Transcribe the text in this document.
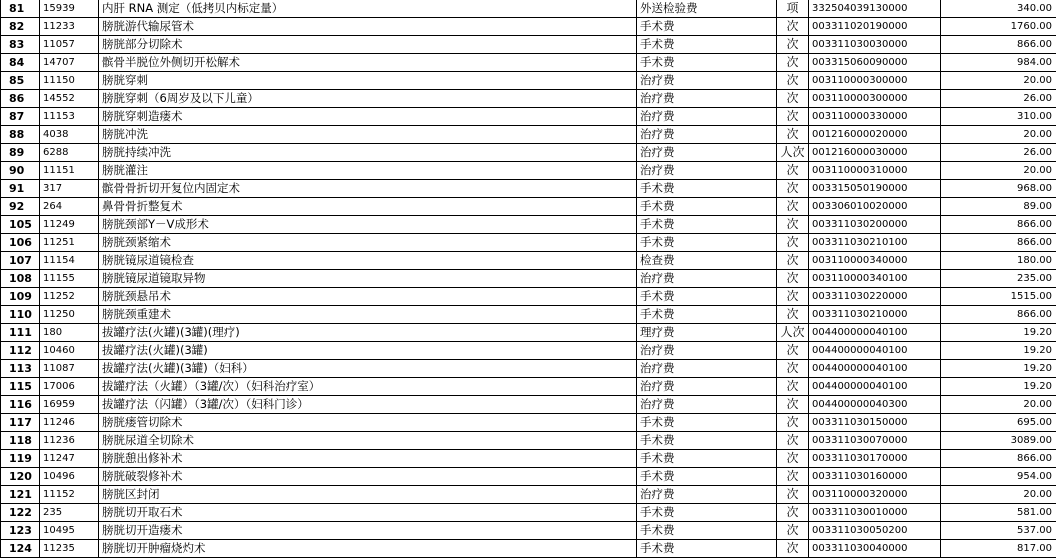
81	15939	内肝 RNA 测定（低拷贝内标定量）	外送检验费	项	332504039130000	340.00
82	11233	膀胱游代输尿管术	手术费	次	003311020190000	1760.00
83	11057	膀胱部分切除术	手术费	次	003311030030000	866.00
84	14707	髌骨半脱位外侧切开松解术	手术费	次	003315060090000	984.00
85	11150	膀胱穿刺	治疗费	次	003110000300000	20.00
86	14552	膀胱穿刺（6周岁及以下儿童）	治疗费	次	003110000300000	26.00
87	11153	膀胱穿刺造瘘术	治疗费	次	003110000330000	310.00
88	4038	膀胱冲洗	治疗费	次	001216000020000	20.00
89	6288	膀胱持续冲洗	治疗费	人次	001216000030000	26.00
90	11151	膀胱灌注	治疗费	次	003110000310000	20.00
91	317	髌骨骨折切开复位内固定术	手术费	次	003315050190000	968.00
92	264	鼻骨骨折整复术	手术费	次	003306010020000	89.00
105	11249	膀胱颈部Y－V成形术	手术费	次	003311030200000	866.00
106	11251	膀胱颈紧缩术	手术费	次	003311030210100	866.00
107	11154	膀胱镜尿道镜检查	检查费	次	003110000340000	180.00
108	11155	膀胱镜尿道镜取异物	治疗费	次	003110000340100	235.00
109	11252	膀胱颈悬吊术	手术费	次	003311030220000	1515.00
110	11250	膀胱颈重建术	手术费	次	003311030210000	866.00
111	180	拔罐疗法(火罐)(3罐)(理疗)	理疗费	人次	004400000040100	19.20
112	10460	拔罐疗法(火罐)(3罐)	治疗费	次	004400000040100	19.20
113	11087	拔罐疗法(火罐)(3罐)（妇科）	治疗费	次	004400000040100	19.20
115	17006	拔罐疗法（火罐）（3罐/次）（妇科治疗室）	治疗费	次	004400000040100	19.20
116	16959	拔罐疗法（闪罐）（3罐/次）（妇科门诊）	治疗费	次	004400000040300	20.00
117	11246	膀胱瘘管切除术	手术费	次	003311030150000	695.00
118	11236	膀胱尿道全切除术	手术费	次	003311030070000	3089.00
119	11247	膀胱憩出修补术	手术费	次	003311030170000	866.00
120	10496	膀胱破裂修补术	手术费	次	003311030160000	954.00
121	11152	膀胱区封闭	治疗费	次	003110000320000	20.00
122	235	膀胱切开取石术	手术费	次	003311030010000	581.00
123	10495	膀胱切开造瘘术	手术费	次	003311030050200	537.00
124	11235	膀胱切开肿瘤烧灼术	手术费	次	003311030040000	817.00
